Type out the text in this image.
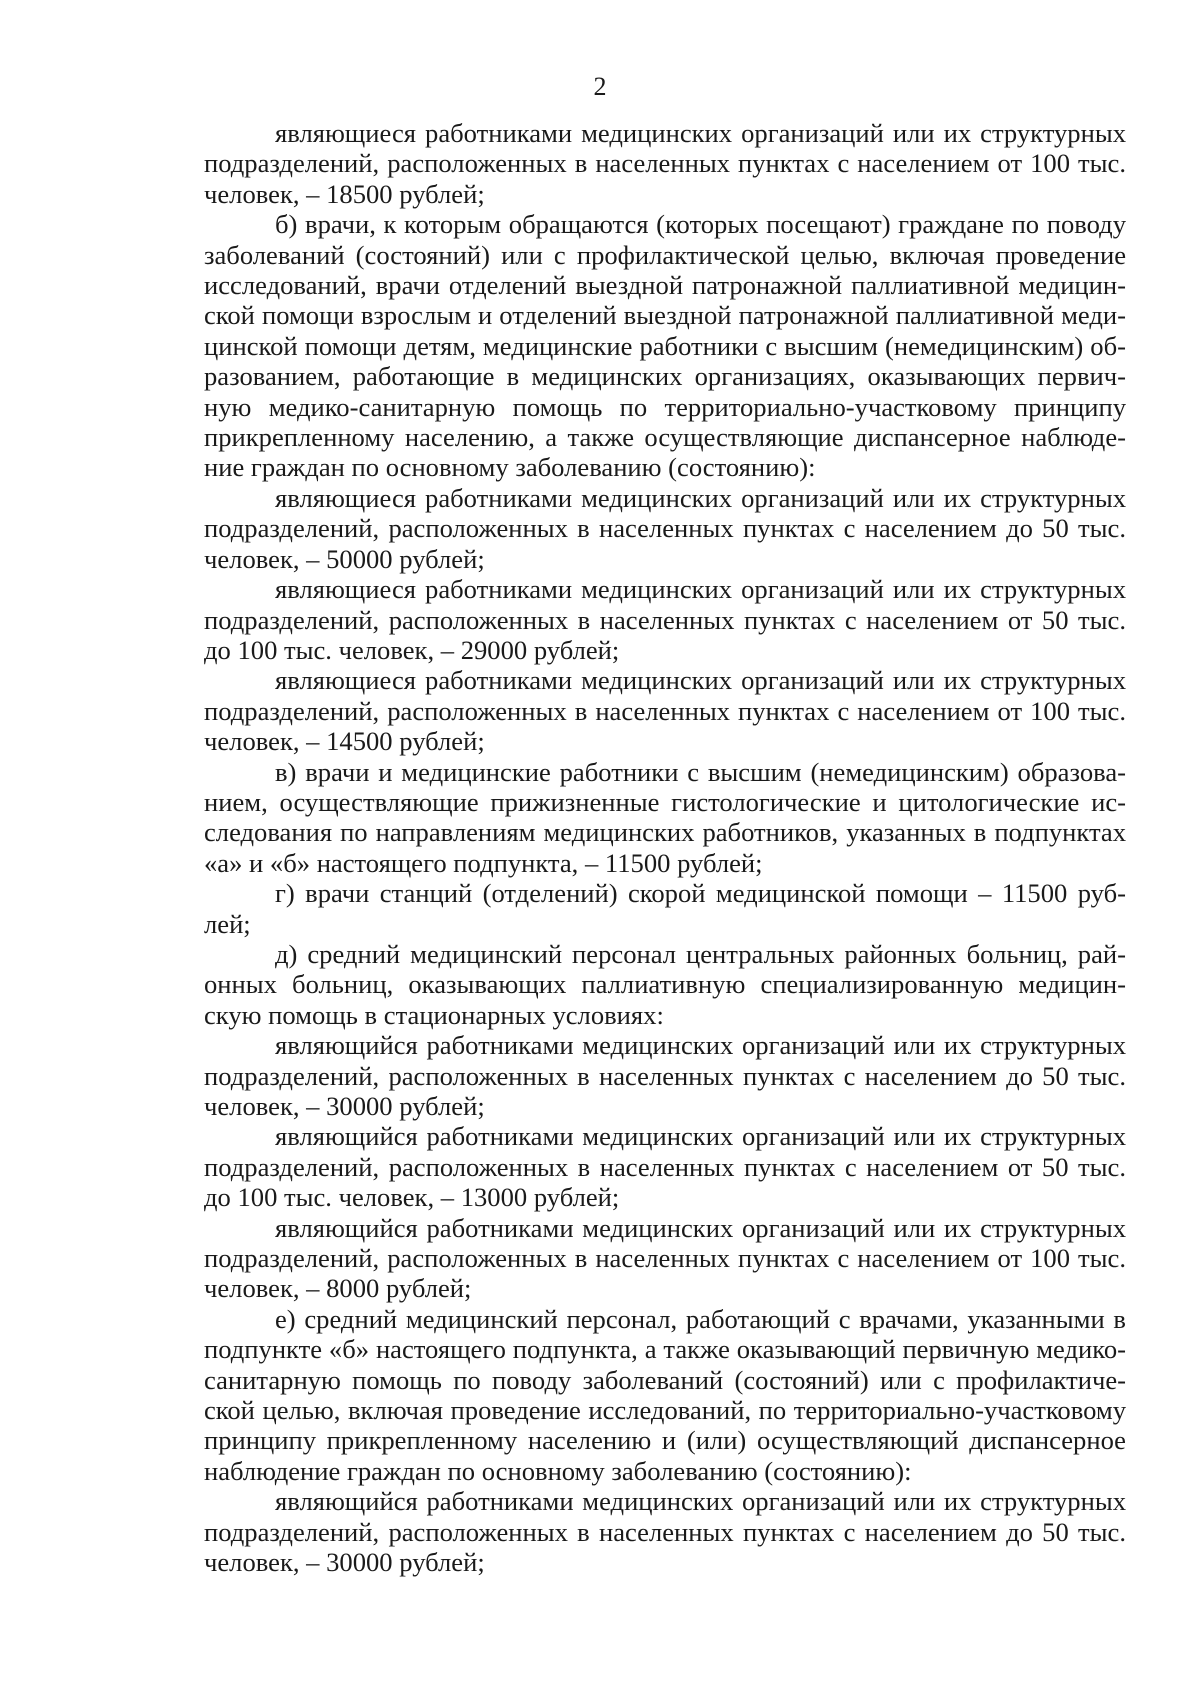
2

являющиеся работниками медицинских организаций или их структурных подразделений, расположенных в населенных пунктах с населением от 100 тыс. человек, – 18500 рублей;

б) врачи, к которым обращаются (которых посещают) граждане по поводу заболеваний (состояний) или с профилактической целью, включая проведение исследований, врачи отделений выездной патронажной паллиативной медицинской помощи взрослым и отделений выездной патронажной паллиативной медицинской помощи детям, медицинские работники с высшим (немедицинским) образованием, работающие в медицинских организациях, оказывающих первичную медико-санитарную помощь по территориально-участковому принципу прикрепленному населению, а также осуществляющие диспансерное наблюдение граждан по основному заболеванию (состоянию):

являющиеся работниками медицинских организаций или их структурных подразделений, расположенных в населенных пунктах с населением до 50 тыс. человек, – 50000 рублей;

являющиеся работниками медицинских организаций или их структурных подразделений, расположенных в населенных пунктах с населением от 50 тыс. до 100 тыс. человек, – 29000 рублей;

являющиеся работниками медицинских организаций или их структурных подразделений, расположенных в населенных пунктах с населением от 100 тыс. человек, – 14500 рублей;

в) врачи и медицинские работники с высшим (немедицинским) образованием, осуществляющие прижизненные гистологические и цитологические исследования по направлениям медицинских работников, указанных в подпунктах «а» и «б» настоящего подпункта, – 11500 рублей;

г) врачи станций (отделений) скорой медицинской помощи – 11500 рублей;

д) средний медицинский персонал центральных районных больниц, районных больниц, оказывающих паллиативную специализированную медицинскую помощь в стационарных условиях:

являющийся работниками медицинских организаций или их структурных подразделений, расположенных в населенных пунктах с населением до 50 тыс. человек, – 30000 рублей;

являющийся работниками медицинских организаций или их структурных подразделений, расположенных в населенных пунктах с населением от 50 тыс. до 100 тыс. человек, – 13000 рублей;

являющийся работниками медицинских организаций или их структурных подразделений, расположенных в населенных пунктах с населением от 100 тыс. человек, – 8000 рублей;

е) средний медицинский персонал, работающий с врачами, указанными в подпункте «б» настоящего подпункта, а также оказывающий первичную медико-санитарную помощь по поводу заболеваний (состояний) или с профилактической целью, включая проведение исследований, по территориально-участковому принципу прикрепленному населению и (или) осуществляющий диспансерное наблюдение граждан по основному заболеванию (состоянию):

являющийся работниками медицинских организаций или их структурных подразделений, расположенных в населенных пунктах с населением до 50 тыс. человек, – 30000 рублей;
